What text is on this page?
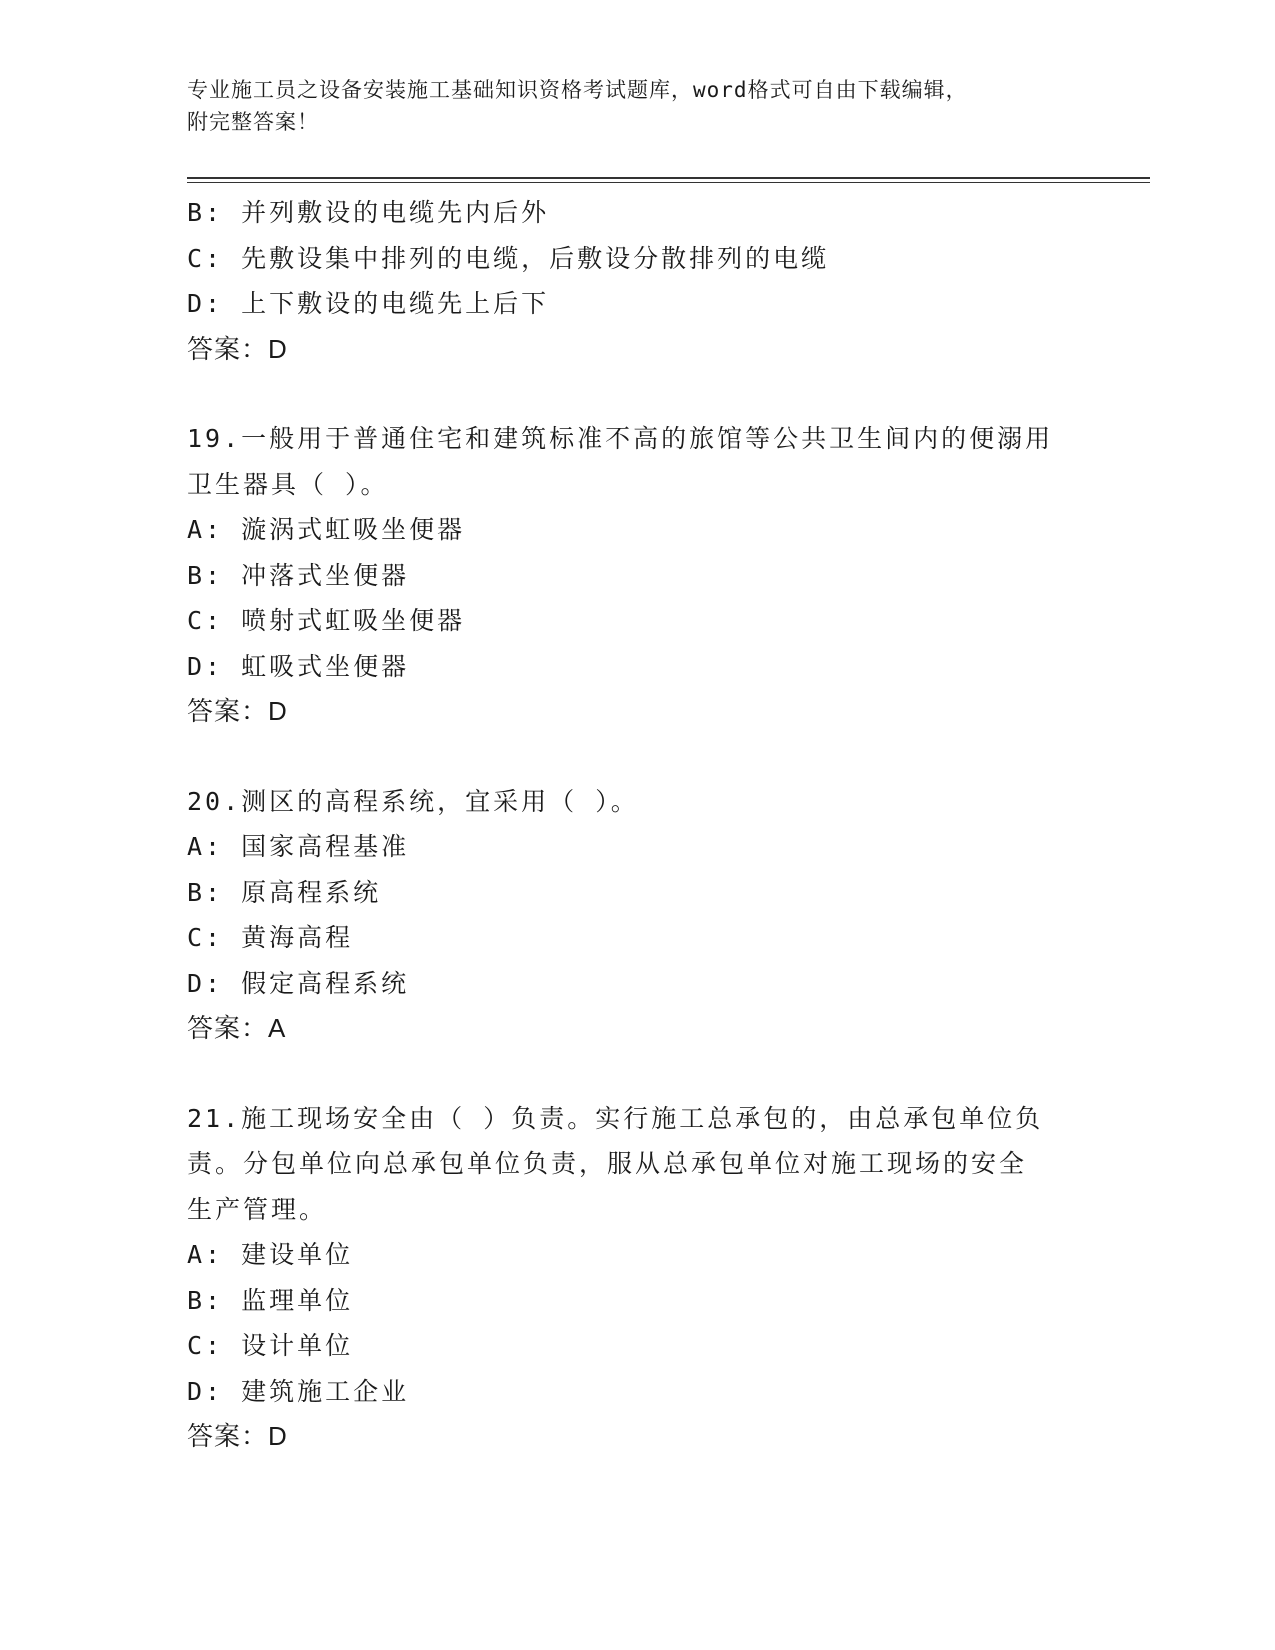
专业施工员之设备安装施工基础知识资格考试题库，word格式可自由下载编辑，
附完整答案！
B: 并列敷设的电缆先内后外
C: 先敷设集中排列的电缆，后敷设分散排列的电缆
D: 上下敷设的电缆先上后下
答案：D
19.一般用于普通住宅和建筑标准不高的旅馆等公共卫生间内的便溺用
卫生器具（ ）。
A: 漩涡式虹吸坐便器
B: 冲落式坐便器
C: 喷射式虹吸坐便器
D: 虹吸式坐便器
答案：D
20.测区的高程系统，宜采用（ ）。
A: 国家高程基准
B: 原高程系统
C: 黄海高程
D: 假定高程系统
答案：A
21.施工现场安全由（ ）负责。实行施工总承包的，由总承包单位负
责。分包单位向总承包单位负责，服从总承包单位对施工现场的安全
生产管理。
A: 建设单位
B: 监理单位
C: 设计单位
D: 建筑施工企业
答案：D
